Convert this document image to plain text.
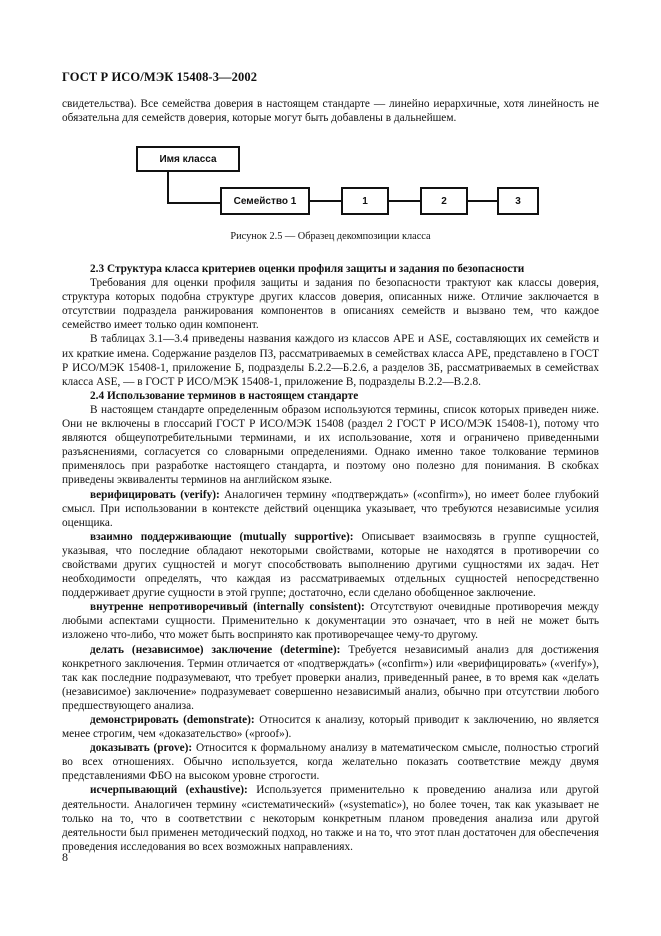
ГОСТ Р ИСО/МЭК 15408-3—2002

свидетельства). Все семейства доверия в настоящем стандарте — линейно иерархичные, хотя линейность не обязательна для семейств доверия, которые могут быть добавлены в дальнейшем.

Имя класса
Семейство 1	1	2	3
Рисунок 2.5 — Образец декомпозиции класса

2.3 Структура класса критериев оценки профиля защиты и задания по безопасности

Требования для оценки профиля защиты и задания по безопасности трактуют как классы доверия, структура которых подобна структуре других классов доверия, описанных ниже. Отличие заключается в отсутствии подраздела ранжирования компонентов в описаниях семейств и вызвано тем, что каждое семейство имеет только один компонент.

В таблицах 3.1—3.4 приведены названия каждого из классов APE и ASE, составляющих их семейств и их краткие имена. Содержание разделов ПЗ, рассматриваемых в семействах класса APE, представлено в ГОСТ Р ИСО/МЭК 15408-1, приложение Б, подразделы Б.2.2—Б.2.6, а разделов ЗБ, рассматриваемых в семействах класса ASE, — в ГОСТ Р ИСО/МЭК 15408-1, приложение В, подразделы В.2.2—В.2.8.

2.4 Использование терминов в настоящем стандарте

В настоящем стандарте определенным образом используются термины, список которых приведен ниже. Они не включены в глоссарий ГОСТ Р ИСО/МЭК 15408 (раздел 2 ГОСТ Р ИСО/МЭК 15408-1), потому что являются общеупотребительными терминами, и их использование, хотя и ограничено приведенными разъяснениями, согласуется со словарными определениями. Однако именно такое толкование терминов применялось при разработке настоящего стандарта, и поэтому оно полезно для понимания. В скобках приведены эквиваленты терминов на английском языке.

верифицировать (verify): Аналогичен термину «подтверждать» («confirm»), но имеет более глубокий смысл. При использовании в контексте действий оценщика указывает, что требуются независимые усилия оценщика.

взаимно поддерживающие (mutually supportive): Описывает взаимосвязь в группе сущностей, указывая, что последние обладают некоторыми свойствами, которые не находятся в противоречии со свойствами других сущностей и могут способствовать выполнению другими сущностями их задач. Нет необходимости определять, что каждая из рассматриваемых отдельных сущностей непосредственно поддерживает другие сущности в этой группе; достаточно, если сделано обобщенное заключение.

внутренне непротиворечивый (internally consistent): Отсутствуют очевидные противоречия между любыми аспектами сущности. Применительно к документации это означает, что в ней не может быть изложено что-либо, что может быть воспринято как противоречащее чему-то другому.

делать (независимое) заключение (determine): Требуется независимый анализ для достижения конкретного заключения. Термин отличается от «подтверждать» («confirm») или «верифицировать» («verify»), так как последние подразумевают, что требует проверки анализ, приведенный ранее, в то время как «делать (независимое) заключение» подразумевает совершенно независимый анализ, обычно при отсутствии любого предшествующего анализа.

демонстрировать (demonstrate): Относится к анализу, который приводит к заключению, но является менее строгим, чем «доказательство» («proof»).

доказывать (prove): Относится к формальному анализу в математическом смысле, полностью строгий во всех отношениях. Обычно используется, когда желательно показать соответствие между двумя представлениями ФБО на высоком уровне строгости.

исчерпывающий (exhaustive): Используется применительно к проведению анализа или другой деятельности. Аналогичен термину «систематический» («systematic»), но более точен, так как указывает не только на то, что в соответствии с некоторым конкретным планом проведения анализа или другой деятельности был применен методический подход, но также и на то, что этот план достаточен для обеспечения проведения исследования во всех возможных направлениях.

8
